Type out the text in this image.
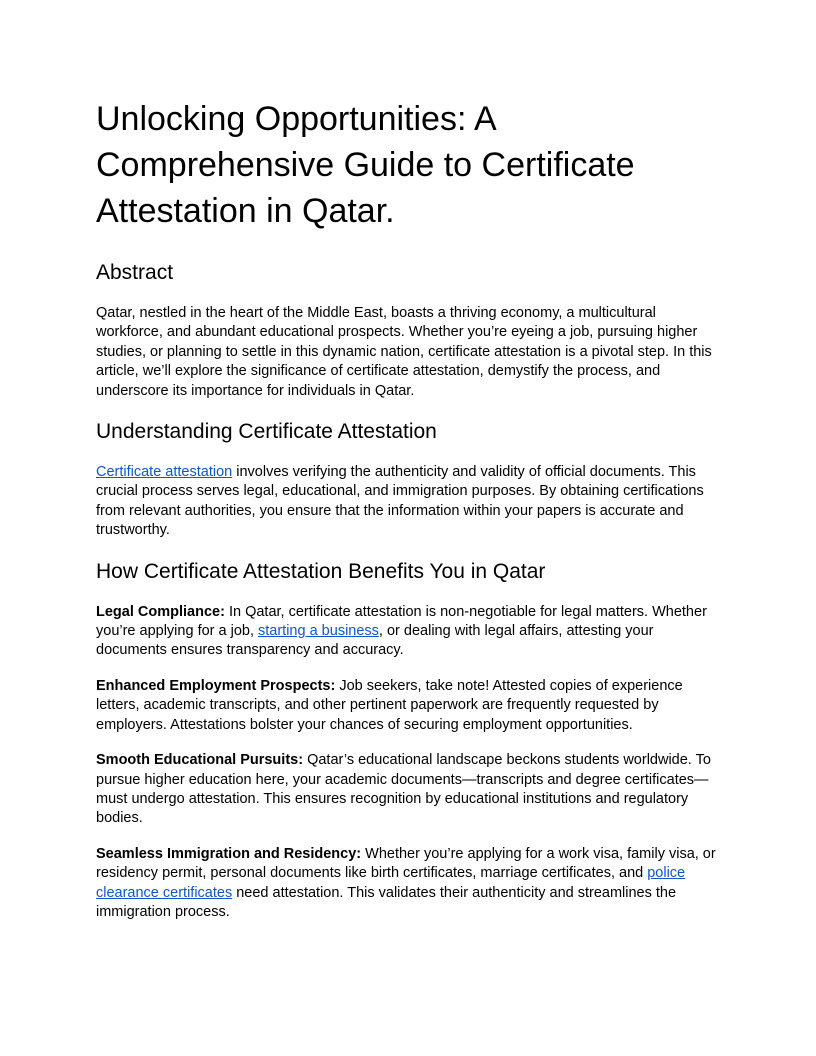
Unlocking Opportunities: A Comprehensive Guide to Certificate Attestation in Qatar.
Abstract

Qatar, nestled in the heart of the Middle East, boasts a thriving economy, a multicultural workforce, and abundant educational prospects. Whether you’re eyeing a job, pursuing higher studies, or planning to settle in this dynamic nation, certificate attestation is a pivotal step. In this article, we’ll explore the significance of certificate attestation, demystify the process, and underscore its importance for individuals in Qatar.

Understanding Certificate Attestation

Certificate attestation involves verifying the authenticity and validity of official documents. This crucial process serves legal, educational, and immigration purposes. By obtaining certifications from relevant authorities, you ensure that the information within your papers is accurate and trustworthy.

How Certificate Attestation Benefits You in Qatar

Legal Compliance: In Qatar, certificate attestation is non-negotiable for legal matters. Whether you’re applying for a job, starting a business, or dealing with legal affairs, attesting your documents ensures transparency and accuracy.

Enhanced Employment Prospects: Job seekers, take note! Attested copies of experience letters, academic transcripts, and other pertinent paperwork are frequently requested by employers. Attestations bolster your chances of securing employment opportunities.

Smooth Educational Pursuits: Qatar’s educational landscape beckons students worldwide. To pursue higher education here, your academic documents—transcripts and degree certificates—must undergo attestation. This ensures recognition by educational institutions and regulatory bodies.

Seamless Immigration and Residency: Whether you’re applying for a work visa, family visa, or residency permit, personal documents like birth certificates, marriage certificates, and police clearance certificates need attestation. This validates their authenticity and streamlines the immigration process.
